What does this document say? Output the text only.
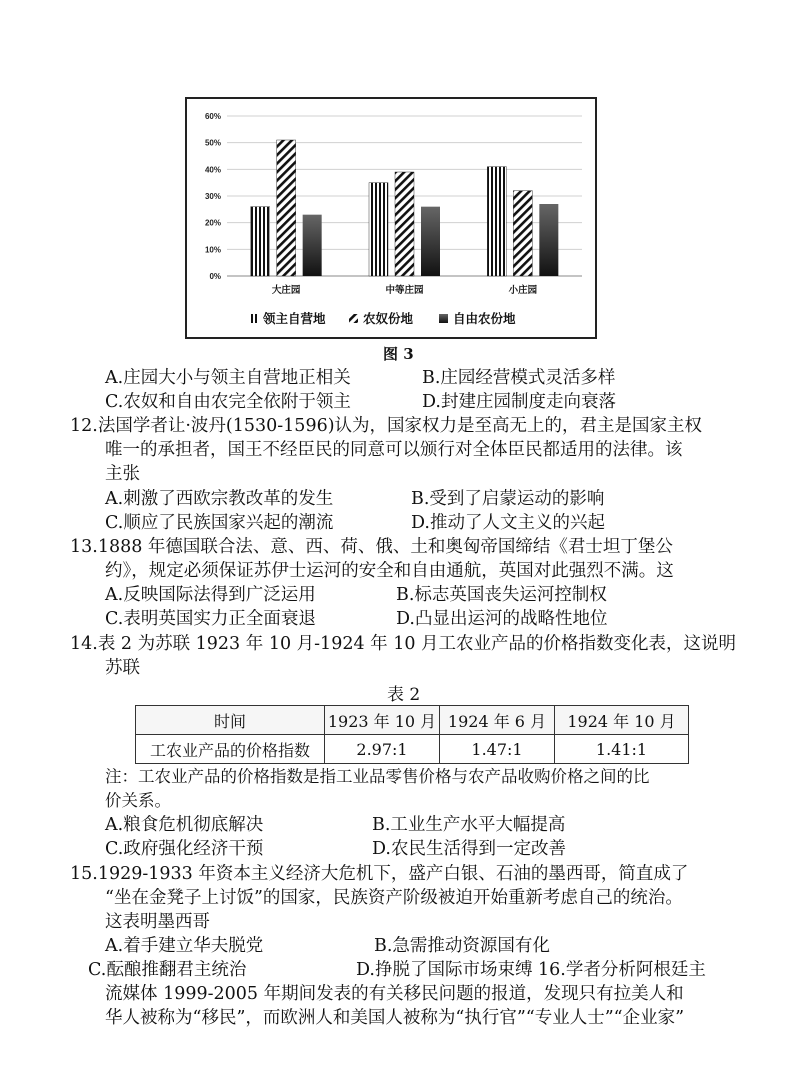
0%
10%
20%
30%
40%
50%
60%
大庄园	中等庄园	小庄园
领主自营地	农奴份地	自由农份地
图 3
A.庄园大小与领主自营地正相关	B.庄园经营模式灵活多样
C.农奴和自由农完全依附于领主	D.封建庄园制度走向衰落
12.法国学者让·波丹(1530-1596)认为，国家权力是至高无上的，君主是国家主权
唯一的承担者，国王不经臣民的同意可以颁行对全体臣民都适用的法律。该
主张
A.刺激了西欧宗教改革的发生	B.受到了启蒙运动的影响
C.顺应了民族国家兴起的潮流	D.推动了人文主义的兴起
13.1888 年德国联合法、意、西、荷、俄、土和奥匈帝国缔结《君士坦丁堡公
约》，规定必须保证苏伊士运河的安全和自由通航，英国对此强烈不满。这
A.反映国际法得到广泛运用	B.标志英国丧失运河控制权
C.表明英国实力正全面衰退	D.凸显出运河的战略性地位
14.表 2 为苏联 1923 年 10 月-1924 年 10 月工农业产品的价格指数变化表，这说明
苏联
表 2
时间	1923 年 10 月	1924 年 6 月	1924 年 10 月
工农业产品的价格指数	2.97:1	1.47:1	1.41:1
注：工农业产品的价格指数是指工业品零售价格与农产品收购价格之间的比
价关系。
A.粮食危机彻底解决	B.工业生产水平大幅提高
C.政府强化经济干预	D.农民生活得到一定改善
15.1929-1933 年资本主义经济大危机下，盛产白银、石油的墨西哥，简直成了
“坐在金凳子上讨饭”的国家，民族资产阶级被迫开始重新考虑自己的统治。
这表明墨西哥
A.着手建立华夫脱党	B.急需推动资源国有化
C.酝酿推翻君主统治	D.挣脱了国际市场束缚 16.学者分析阿根廷主
流媒体 1999-2005 年期间发表的有关移民问题的报道，发现只有拉美人和
华人被称为“移民”，而欧洲人和美国人被称为“执行官”“专业人士”“企业家”
